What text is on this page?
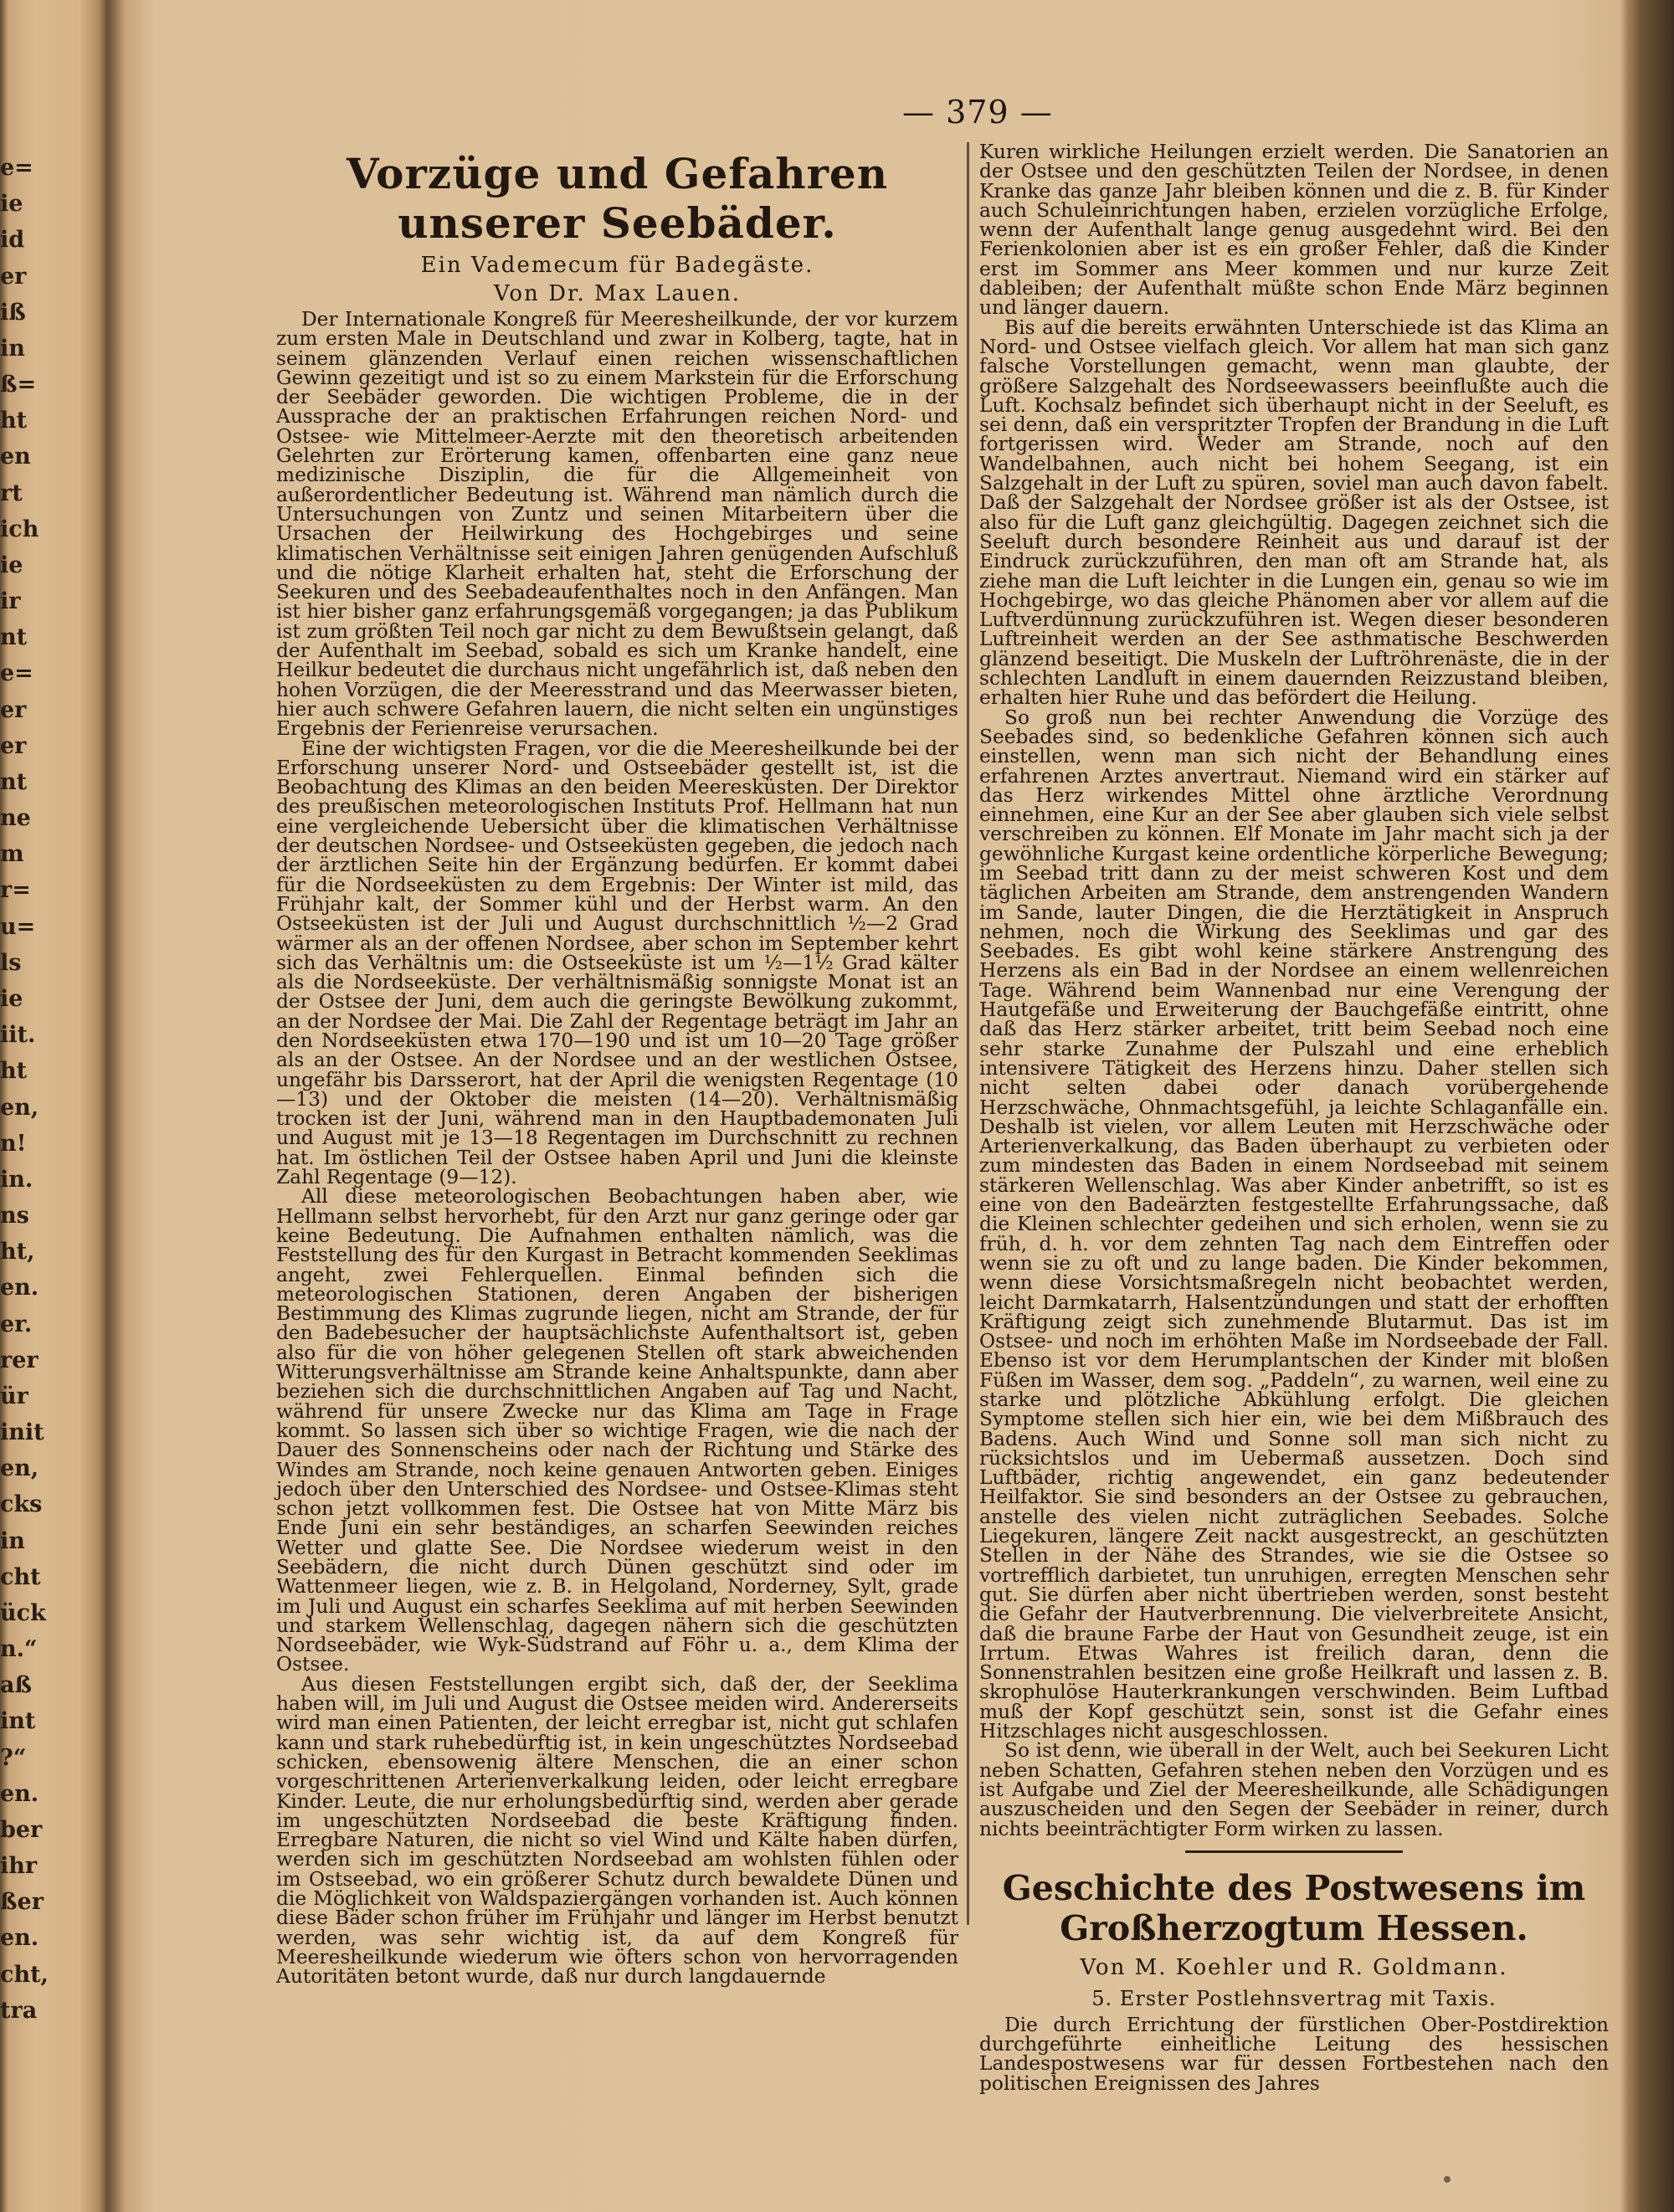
e=
ie
id
er
iß
in
ß=
ht
en
rt
ich
ie
ir
nt
e=
er
er
nt
ne
m
r=
u=
ls
ie
iit.
ht
en,
n!
in.
ns
ht,
en.
er.
rer
ür
init
en,
cks
in
cht
ück
n.“
aß
int
?“
en.
ber
ihr
ßer
en.
cht,
tra
— 379 —
Vorzüge und Gefahren unserer Seebäder.
Ein Vademecum für Badegäste.
Von Dr. Max Lauen.

Der Internationale Kongreß für Meeresheilkunde, der vor kurzem zum ersten Male in Deutschland und zwar in Kolberg, tagte, hat in seinem glänzenden Verlauf einen reichen wissenschaftlichen Gewinn gezeitigt und ist so zu einem Markstein für die Erforschung der Seebäder geworden. Die wichtigen Probleme, die in der Aussprache der an praktischen Erfahrungen reichen Nord- und Ostsee- wie Mittelmeer-Aerzte mit den theoretisch arbeitenden Gelehrten zur Erörterung kamen, offenbarten eine ganz neue medizinische Disziplin, die für die Allgemeinheit von außerordentlicher Bedeutung ist. Während man nämlich durch die Untersuchungen von Zuntz und seinen Mitarbeitern über die Ursachen der Heilwirkung des Hochgebirges und seine klimatischen Verhältnisse seit einigen Jahren genügenden Aufschluß und die nötige Klarheit erhalten hat, steht die Erforschung der Seekuren und des Seebadeaufenthaltes noch in den Anfängen. Man ist hier bisher ganz erfahrungsgemäß vorgegangen; ja das Publikum ist zum größten Teil noch gar nicht zu dem Bewußtsein gelangt, daß der Aufenthalt im Seebad, sobald es sich um Kranke handelt, eine Heilkur bedeutet die durchaus nicht ungefährlich ist, daß neben den hohen Vorzügen, die der Meeresstrand und das Meerwasser bieten, hier auch schwere Gefahren lauern, die nicht selten ein ungünstiges Ergebnis der Ferienreise verursachen.

Eine der wichtigsten Fragen, vor die die Meeresheilkunde bei der Erforschung unserer Nord- und Ostseebäder gestellt ist, ist die Beobachtung des Klimas an den beiden Meeresküsten. Der Direktor des preußischen meteorologischen Instituts Prof. Hellmann hat nun eine vergleichende Uebersicht über die klimatischen Verhältnisse der deutschen Nordsee- und Ostseeküsten gegeben, die jedoch nach der ärztlichen Seite hin der Ergänzung bedürfen. Er kommt dabei für die Nordseeküsten zu dem Ergebnis: Der Winter ist mild, das Frühjahr kalt, der Sommer kühl und der Herbst warm. An den Ostseeküsten ist der Juli und August durchschnittlich ½—2 Grad wärmer als an der offenen Nordsee, aber schon im September kehrt sich das Verhältnis um: die Ostseeküste ist um ½—1½ Grad kälter als die Nordseeküste. Der verhältnismäßig sonnigste Monat ist an der Ostsee der Juni, dem auch die geringste Bewölkung zukommt, an der Nordsee der Mai. Die Zahl der Regentage beträgt im Jahr an den Nordseeküsten etwa 170—190 und ist um 10—20 Tage größer als an der Ostsee. An der Nordsee und an der westlichen Ostsee, ungefähr bis Darsserort, hat der April die wenigsten Regentage (10—13) und der Oktober die meisten (14—20). Verhältnismäßig trocken ist der Juni, während man in den Hauptbademonaten Juli und August mit je 13—18 Regentagen im Durchschnitt zu rechnen hat. Im östlichen Teil der Ostsee haben April und Juni die kleinste Zahl Regentage (9—12).

All diese meteorologischen Beobachtungen haben aber, wie Hellmann selbst hervorhebt, für den Arzt nur ganz geringe oder gar keine Bedeutung. Die Aufnahmen enthalten nämlich, was die Feststellung des für den Kurgast in Betracht kommenden Seeklimas angeht, zwei Fehlerquellen. Einmal befinden sich die meteorologischen Stationen, deren Angaben der bisherigen Bestimmung des Klimas zugrunde liegen, nicht am Strande, der für den Badebesucher der hauptsächlichste Aufenthaltsort ist, geben also für die von höher gelegenen Stellen oft stark abweichenden Witterungsverhältnisse am Strande keine Anhaltspunkte, dann aber beziehen sich die durchschnittlichen Angaben auf Tag und Nacht, während für unsere Zwecke nur das Klima am Tage in Frage kommt. So lassen sich über so wichtige Fragen, wie die nach der Dauer des Sonnenscheins oder nach der Richtung und Stärke des Windes am Strande, noch keine genauen Antworten geben. Einiges jedoch über den Unterschied des Nordsee- und Ostsee-Klimas steht schon jetzt vollkommen fest. Die Ostsee hat von Mitte März bis Ende Juni ein sehr beständiges, an scharfen Seewinden reiches Wetter und glatte See. Die Nordsee wiederum weist in den Seebädern, die nicht durch Dünen geschützt sind oder im Wattenmeer liegen, wie z. B. in Helgoland, Norderney, Sylt, grade im Juli und August ein scharfes Seeklima auf mit herben Seewinden und starkem Wellenschlag, dagegen nähern sich die geschützten Nordseebäder, wie Wyk-Südstrand auf Föhr u. a., dem Klima der Ostsee.

Aus diesen Feststellungen ergibt sich, daß der, der Seeklima haben will, im Juli und August die Ostsee meiden wird. Andererseits wird man einen Patienten, der leicht erregbar ist, nicht gut schlafen kann und stark ruhebedürftig ist, in kein ungeschütztes Nordseebad schicken, ebensowenig ältere Menschen, die an einer schon vorgeschrittenen Arterienverkalkung leiden, oder leicht erregbare Kinder. Leute, die nur erholungsbedürftig sind, werden aber gerade im ungeschützten Nordseebad die beste Kräftigung finden. Erregbare Naturen, die nicht so viel Wind und Kälte haben dürfen, werden sich im geschützten Nordseebad am wohlsten fühlen oder im Ostseebad, wo ein größerer Schutz durch bewaldete Dünen und die Möglichkeit von Waldspaziergängen vorhanden ist. Auch können diese Bäder schon früher im Frühjahr und länger im Herbst benutzt werden, was sehr wichtig ist, da auf dem Kongreß für Meeresheilkunde wiederum wie öfters schon von hervorragenden Autoritäten betont wurde, daß nur durch langdauernde

Kuren wirkliche Heilungen erzielt werden. Die Sanatorien an der Ostsee und den geschützten Teilen der Nordsee, in denen Kranke das ganze Jahr bleiben können und die z. B. für Kinder auch Schuleinrichtungen haben, erzielen vorzügliche Erfolge, wenn der Aufenthalt lange genug ausgedehnt wird. Bei den Ferienkolonien aber ist es ein großer Fehler, daß die Kinder erst im Sommer ans Meer kommen und nur kurze Zeit dableiben; der Aufenthalt müßte schon Ende März beginnen und länger dauern.

Bis auf die bereits erwähnten Unterschiede ist das Klima an Nord- und Ostsee vielfach gleich. Vor allem hat man sich ganz falsche Vorstellungen gemacht, wenn man glaubte, der größere Salzgehalt des Nordseewassers beeinflußte auch die Luft. Kochsalz befindet sich überhaupt nicht in der Seeluft, es sei denn, daß ein verspritzter Tropfen der Brandung in die Luft fortgerissen wird. Weder am Strande, noch auf den Wandelbahnen, auch nicht bei hohem Seegang, ist ein Salzgehalt in der Luft zu spüren, soviel man auch davon fabelt. Daß der Salzgehalt der Nordsee größer ist als der Ostsee, ist also für die Luft ganz gleichgültig. Dagegen zeichnet sich die Seeluft durch besondere Reinheit aus und darauf ist der Eindruck zurückzuführen, den man oft am Strande hat, als ziehe man die Luft leichter in die Lungen ein, genau so wie im Hochgebirge, wo das gleiche Phänomen aber vor allem auf die Luftverdünnung zurückzuführen ist. Wegen dieser besonderen Luftreinheit werden an der See asthmatische Beschwerden glänzend beseitigt. Die Muskeln der Luftröhrenäste, die in der schlechten Landluft in einem dauernden Reizzustand bleiben, erhalten hier Ruhe und das befördert die Heilung.

So groß nun bei rechter Anwendung die Vorzüge des Seebades sind, so bedenkliche Gefahren können sich auch einstellen, wenn man sich nicht der Behandlung eines erfahrenen Arztes anvertraut. Niemand wird ein stärker auf das Herz wirkendes Mittel ohne ärztliche Verordnung einnehmen, eine Kur an der See aber glauben sich viele selbst verschreiben zu können. Elf Monate im Jahr macht sich ja der gewöhnliche Kurgast keine ordentliche körperliche Bewegung; im Seebad tritt dann zu der meist schweren Kost und dem täglichen Arbeiten am Strande, dem anstrengenden Wandern im Sande, lauter Dingen, die die Herztätigkeit in Anspruch nehmen, noch die Wirkung des Seeklimas und gar des Seebades. Es gibt wohl keine stärkere Anstrengung des Herzens als ein Bad in der Nordsee an einem wellenreichen Tage. Während beim Wannenbad nur eine Verengung der Hautgefäße und Erweiterung der Bauchgefäße eintritt, ohne daß das Herz stärker arbeitet, tritt beim Seebad noch eine sehr starke Zunahme der Pulszahl und eine erheblich intensivere Tätigkeit des Herzens hinzu. Daher stellen sich nicht selten dabei oder danach vorübergehende Herzschwäche, Ohnmachtsgefühl, ja leichte Schlaganfälle ein. Deshalb ist vielen, vor allem Leuten mit Herzschwäche oder Arterienverkalkung, das Baden überhaupt zu verbieten oder zum mindesten das Baden in einem Nordseebad mit seinem stärkeren Wellenschlag. Was aber Kinder anbetrifft, so ist es eine von den Badeärzten festgestellte Erfahrungssache, daß die Kleinen schlechter gedeihen und sich erholen, wenn sie zu früh, d. h. vor dem zehnten Tag nach dem Eintreffen oder wenn sie zu oft und zu lange baden. Die Kinder bekommen, wenn diese Vorsichtsmaßregeln nicht beobachtet werden, leicht Darmkatarrh, Halsentzündungen und statt der erhofften Kräftigung zeigt sich zunehmende Blutarmut. Das ist im Ostsee- und noch im erhöhten Maße im Nordseebade der Fall. Ebenso ist vor dem Herumplantschen der Kinder mit bloßen Füßen im Wasser, dem sog. „Paddeln“, zu warnen, weil eine zu starke und plötzliche Abkühlung erfolgt. Die gleichen Symptome stellen sich hier ein, wie bei dem Mißbrauch des Badens. Auch Wind und Sonne soll man sich nicht zu rücksichtslos und im Uebermaß aussetzen. Doch sind Luftbäder, richtig angewendet, ein ganz bedeutender Heilfaktor. Sie sind besonders an der Ostsee zu gebrauchen, anstelle des vielen nicht zuträglichen Seebades. Solche Liegekuren, längere Zeit nackt ausgestreckt, an geschützten Stellen in der Nähe des Strandes, wie sie die Ostsee so vortrefflich darbietet, tun unruhigen, erregten Menschen sehr gut. Sie dürfen aber nicht übertrieben werden, sonst besteht die Gefahr der Hautverbrennung. Die vielverbreitete Ansicht, daß die braune Farbe der Haut von Gesundheit zeuge, ist ein Irrtum. Etwas Wahres ist freilich daran, denn die Sonnenstrahlen besitzen eine große Heilkraft und lassen z. B. skrophulöse Hauterkrankungen verschwinden. Beim Luftbad muß der Kopf geschützt sein, sonst ist die Gefahr eines Hitzschlages nicht ausgeschlossen.

So ist denn, wie überall in der Welt, auch bei Seekuren Licht neben Schatten, Gefahren stehen neben den Vorzügen und es ist Aufgabe und Ziel der Meeresheilkunde, alle Schädigungen auszuscheiden und den Segen der Seebäder in reiner, durch nichts beeinträchtigter Form wirken zu lassen.

Geschichte des Postwesens im Großherzogtum Hessen.
Von M. Koehler und R. Goldmann.
5. Erster Postlehnsvertrag mit Taxis.

Die durch Errichtung der fürstlichen Ober-Postdirektion durchgeführte einheitliche Leitung des hessischen Landespostwesens war für dessen Fortbestehen nach den politischen Ereignissen des Jahres
